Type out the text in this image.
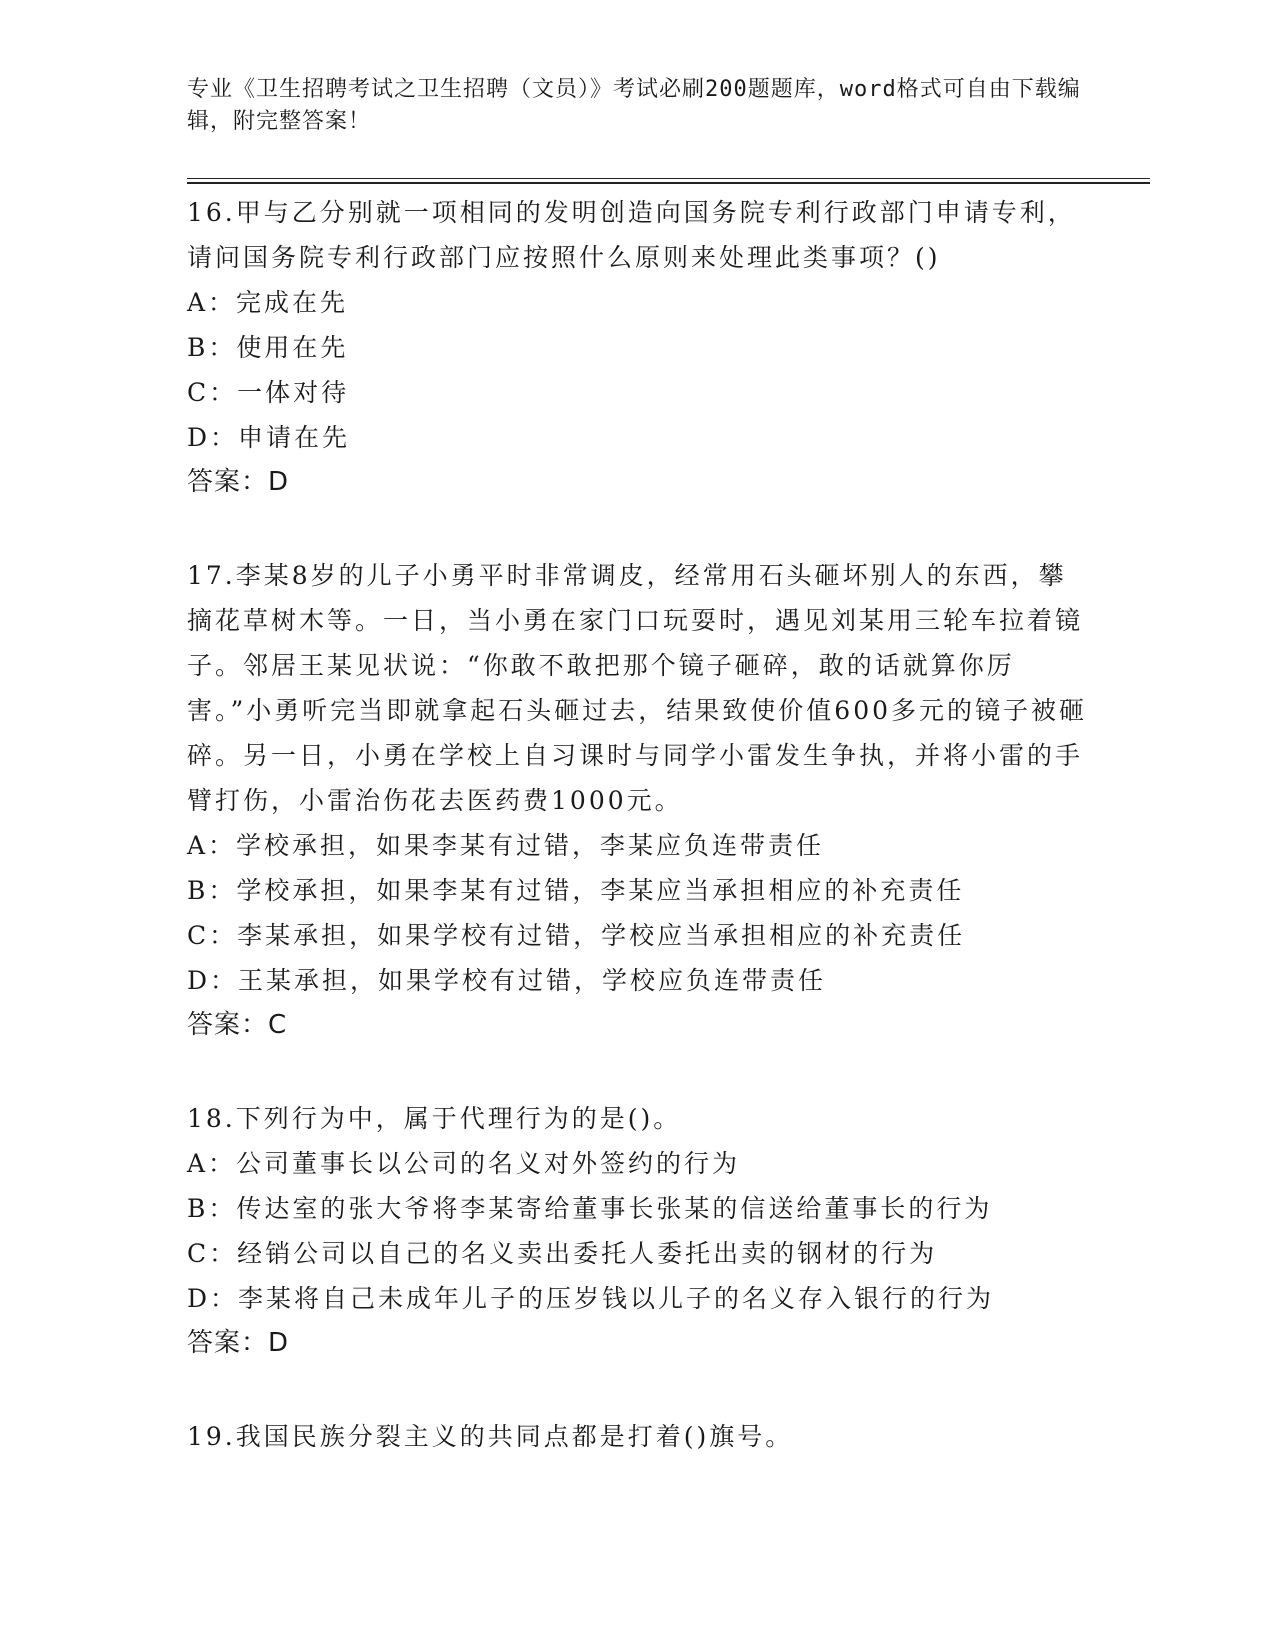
专业《卫生招聘考试之卫生招聘（文员）》考试必刷200题题库，word格式可自由下载编辑，附完整答案！

16.甲与乙分别就一项相同的发明创造向国务院专利行政部门申请专利，请问国务院专利行政部门应按照什么原则来处理此类事项？()

A：完成在先
B：使用在先
C：一体对待
D：申请在先
答案：D

17.李某8岁的儿子小勇平时非常调皮，经常用石头砸坏别人的东西，攀摘花草树木等。一日，当小勇在家门口玩耍时，遇见刘某用三轮车拉着镜子。邻居王某见状说：“你敢不敢把那个镜子砸碎，敢的话就算你厉害。”小勇听完当即就拿起石头砸过去，结果致使价值600多元的镜子被砸碎。另一日，小勇在学校上自习课时与同学小雷发生争执，并将小雷的手臂打伤，小雷治伤花去医药费1000元。

A：学校承担，如果李某有过错，李某应负连带责任
B：学校承担，如果李某有过错，李某应当承担相应的补充责任
C：李某承担，如果学校有过错，学校应当承担相应的补充责任
D：王某承担，如果学校有过错，学校应负连带责任
答案：C

18.下列行为中，属于代理行为的是()。

A：公司董事长以公司的名义对外签约的行为
B：传达室的张大爷将李某寄给董事长张某的信送给董事长的行为
C：经销公司以自己的名义卖出委托人委托出卖的钢材的行为
D：李某将自己未成年儿子的压岁钱以儿子的名义存入银行的行为
答案：D

19.我国民族分裂主义的共同点都是打着()旗号。
